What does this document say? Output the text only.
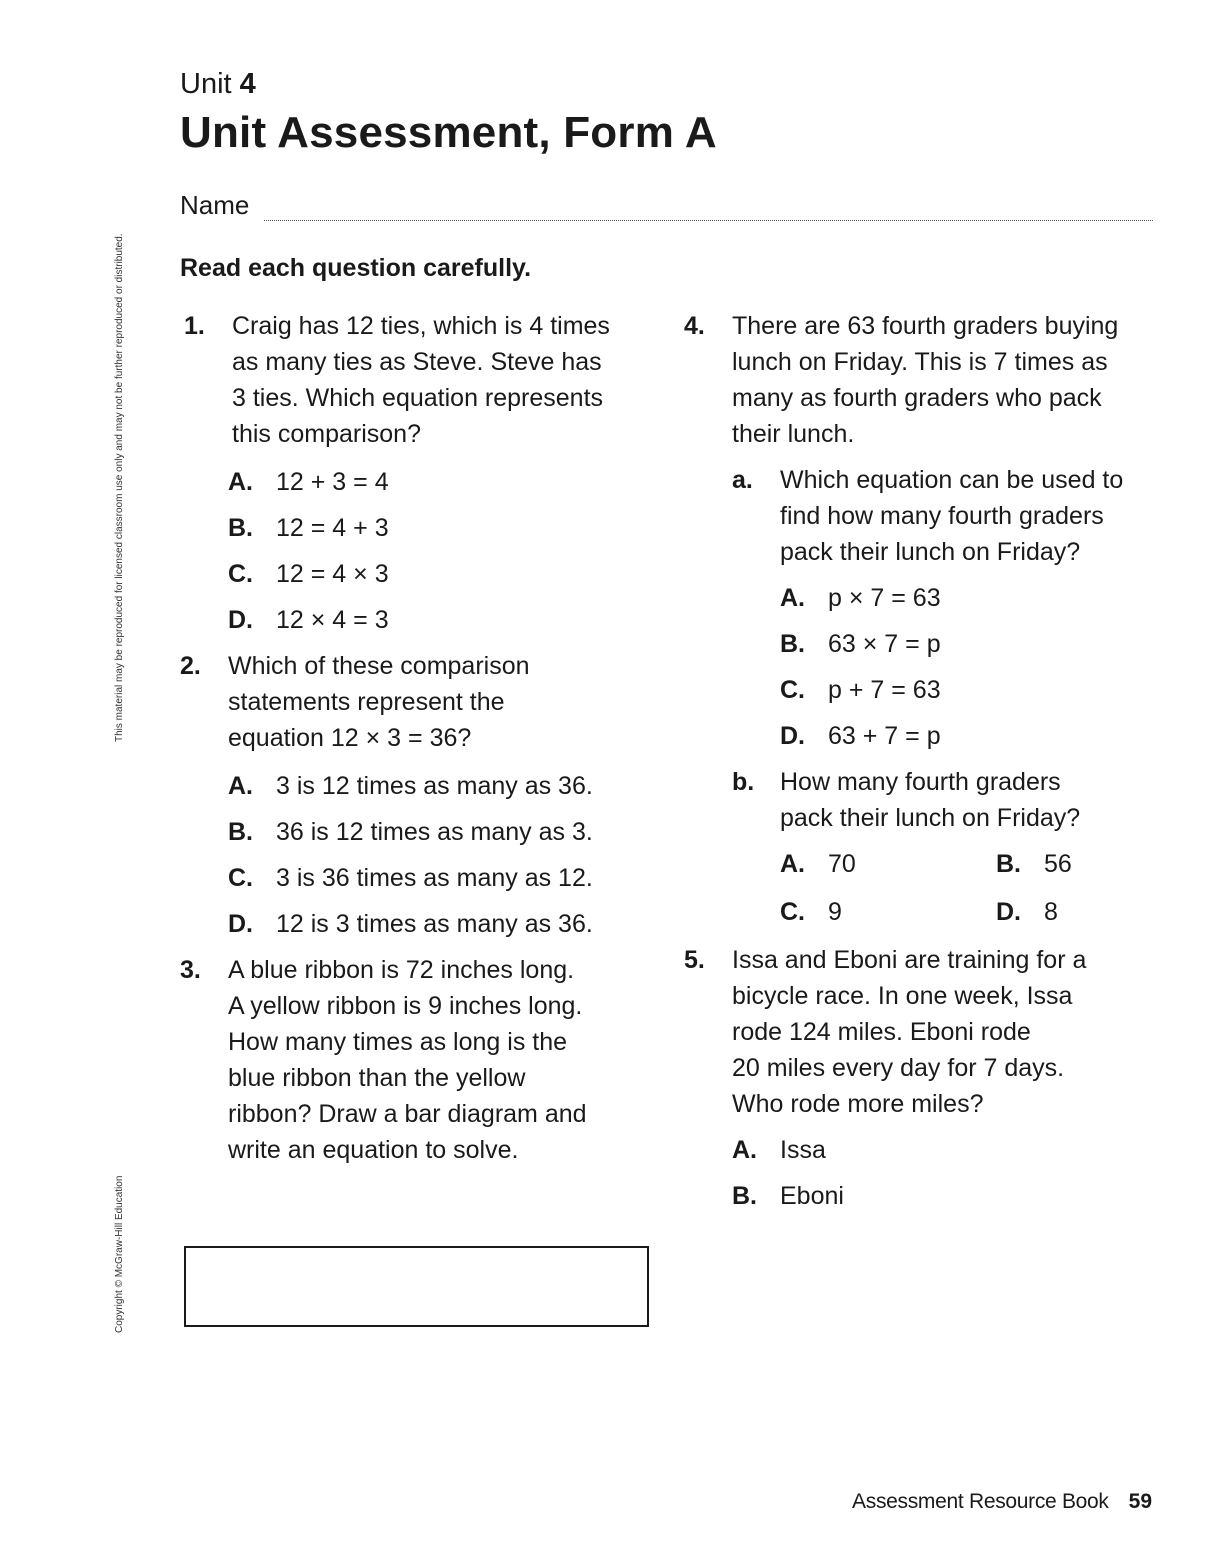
Unit 4
Unit Assessment, Form A
Name
Read each question carefully.
This material may be reproduced for licensed classroom use only and may not be further reproduced or distributed.
Copyright © McGraw-Hill Education
1. Craig has 12 ties, which is 4 times
as many ties as Steve. Steve has
3 ties. Which equation represents
this comparison?
A. 12 + 3 = 4
B. 12 = 4 + 3
C. 12 = 4 × 3
D. 12 × 4 = 3
2. Which of these comparison
statements represent the
equation 12 × 3 = 36?
A. 3 is 12 times as many as 36.
B. 36 is 12 times as many as 3.
C. 3 is 36 times as many as 12.
D. 12 is 3 times as many as 36.
3. A blue ribbon is 72 inches long.
A yellow ribbon is 9 inches long.
How many times as long is the
blue ribbon than the yellow
ribbon? Draw a bar diagram and
write an equation to solve.
4. There are 63 fourth graders buying
lunch on Friday. This is 7 times as
many as fourth graders who pack
their lunch.
a. Which equation can be used to
find how many fourth graders
pack their lunch on Friday?
A. p × 7 = 63
B. 63 × 7 = p
C. p + 7 = 63
D. 63 + 7 = p
b. How many fourth graders
pack their lunch on Friday?
A. 70	B. 56
C. 9	D. 8
5. Issa and Eboni are training for a
bicycle race. In one week, Issa
rode 124 miles. Eboni rode
20 miles every day for 7 days.
Who rode more miles?
A. Issa
B. Eboni
Assessment Resource Book 59
